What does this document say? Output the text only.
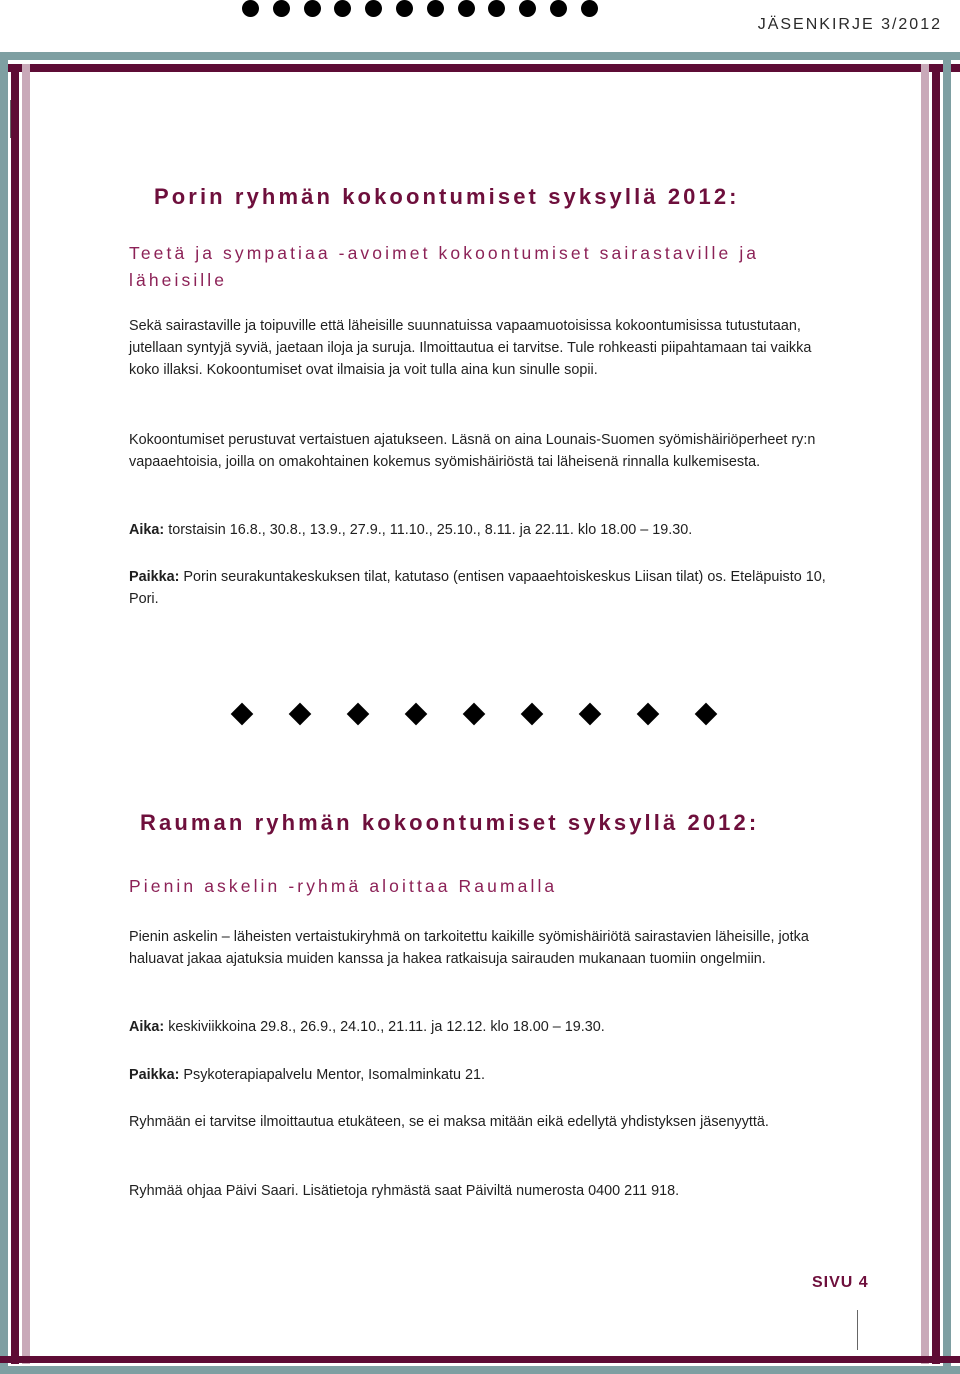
JÄSENKIRJE 3/2012
Porin ryhmän kokoontumiset syksyllä 2012:
Teetä ja sympatiaa -avoimet kokoontumiset sairastaville ja
läheisille
Sekä sairastaville ja toipuville että läheisille suunnatuissa vapaamuotoisissa kokoontumisissa tutustutaan, jutellaan syntyjä syviä, jaetaan iloja ja suruja. Ilmoittautua ei tarvitse. Tule rohkeasti piipahtamaan tai vaikka koko illaksi. Kokoontumiset ovat ilmaisia ja voit tulla aina kun sinulle sopii.
Kokoontumiset perustuvat vertaistuen ajatukseen. Läsnä on aina Lounais-Suomen syömishäiriöperheet ry:n vapaaehtoisia, joilla on omakohtainen kokemus syömishäiriöstä tai läheisenä rinnalla kulkemisesta.
Aika: torstaisin 16.8., 30.8., 13.9., 27.9., 11.10., 25.10., 8.11. ja 22.11. klo 18.00 – 19.30.
Paikka: Porin seurakuntakeskuksen tilat, katutaso (entisen vapaaehtoiskeskus Liisan tilat) os. Eteläpuisto 10, Pori.
Rauman ryhmän kokoontumiset syksyllä 2012:
Pienin askelin -ryhmä aloittaa Raumalla
Pienin askelin – läheisten vertaistukiryhmä on tarkoitettu kaikille syömishäiriötä sairastavien läheisille, jotka haluavat jakaa ajatuksia muiden kanssa ja hakea ratkaisuja sairauden mukanaan tuomiin ongelmiin.
Aika: keskiviikkoina 29.8., 26.9., 24.10., 21.11. ja 12.12. klo 18.00 – 19.30.
Paikka: Psykoterapiapalvelu Mentor, Isomalminkatu 21.
Ryhmään ei tarvitse ilmoittautua etukäteen, se ei maksa mitään eikä edellytä yhdistyksen jäsenyyttä.
Ryhmää ohjaa Päivi Saari. Lisätietoja ryhmästä saat Päiviltä numerosta 0400 211 918.
SIVU 4
